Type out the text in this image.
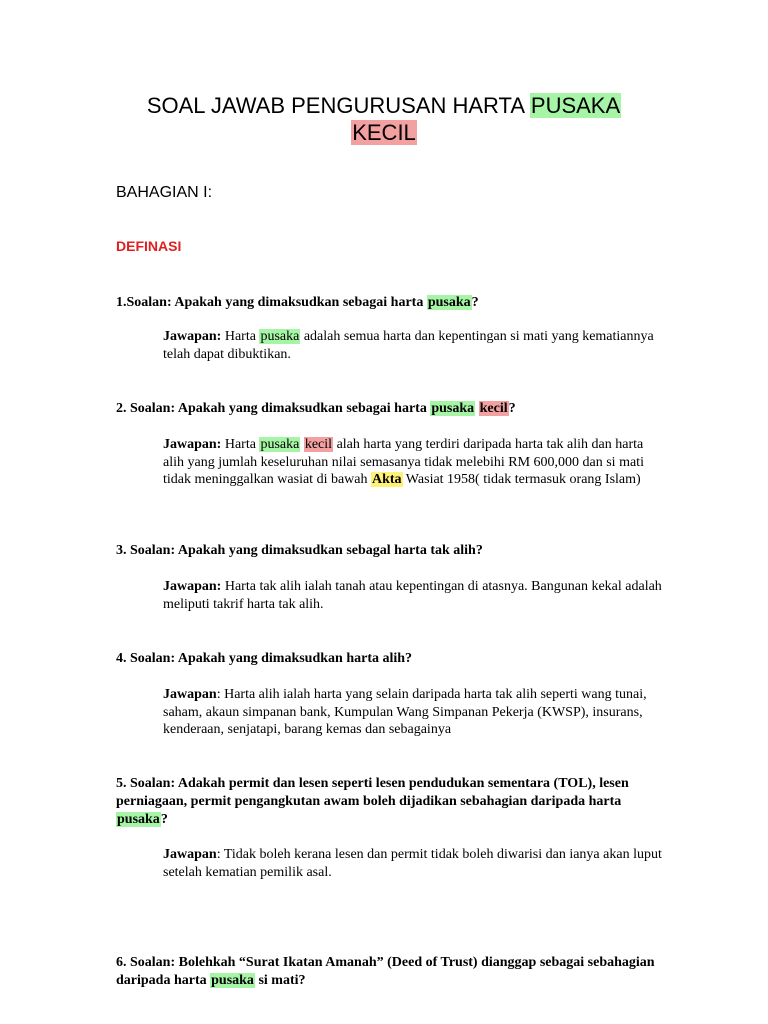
SOAL JAWAB PENGURUSAN HARTA PUSAKA
KECIL
BAHAGIAN I:
DEFINASI
1.Soalan: Apakah yang dimaksudkan sebagai harta pusaka?
Jawapan: Harta pusaka adalah semua harta dan kepentingan si mati yang kematiannya telah dapat dibuktikan.
2. Soalan: Apakah yang dimaksudkan sebagai harta pusaka kecil?
Jawapan: Harta pusaka kecil alah harta yang terdiri daripada harta tak alih dan harta alih yang jumlah keseluruhan nilai semasanya tidak melebihi RM 600,000 dan si mati tidak meninggalkan wasiat di bawah Akta Wasiat 1958( tidak termasuk orang Islam)
3. Soalan: Apakah yang dimaksudkan sebagal harta tak alih?
Jawapan: Harta tak alih ialah tanah atau kepentingan di atasnya. Bangunan kekal adalah meliputi takrif harta tak alih.
4. Soalan: Apakah yang dimaksudkan harta alih?
Jawapan: Harta alih ialah harta yang selain daripada harta tak alih seperti wang tunai, saham, akaun simpanan bank, Kumpulan Wang Simpanan Pekerja (KWSP), insurans, kenderaan, senjatapi, barang kemas dan sebagainya
5. Soalan: Adakah permit dan lesen seperti lesen pendudukan sementara (TOL), lesen perniagaan, permit pengangkutan awam boleh dijadikan sebahagian daripada harta pusaka?
Jawapan: Tidak boleh kerana lesen dan permit tidak boleh diwarisi dan ianya akan luput setelah kematian pemilik asal.
6. Soalan: Bolehkah “Surat Ikatan Amanah” (Deed of Trust) dianggap sebagai sebahagian daripada harta pusaka si mati?
